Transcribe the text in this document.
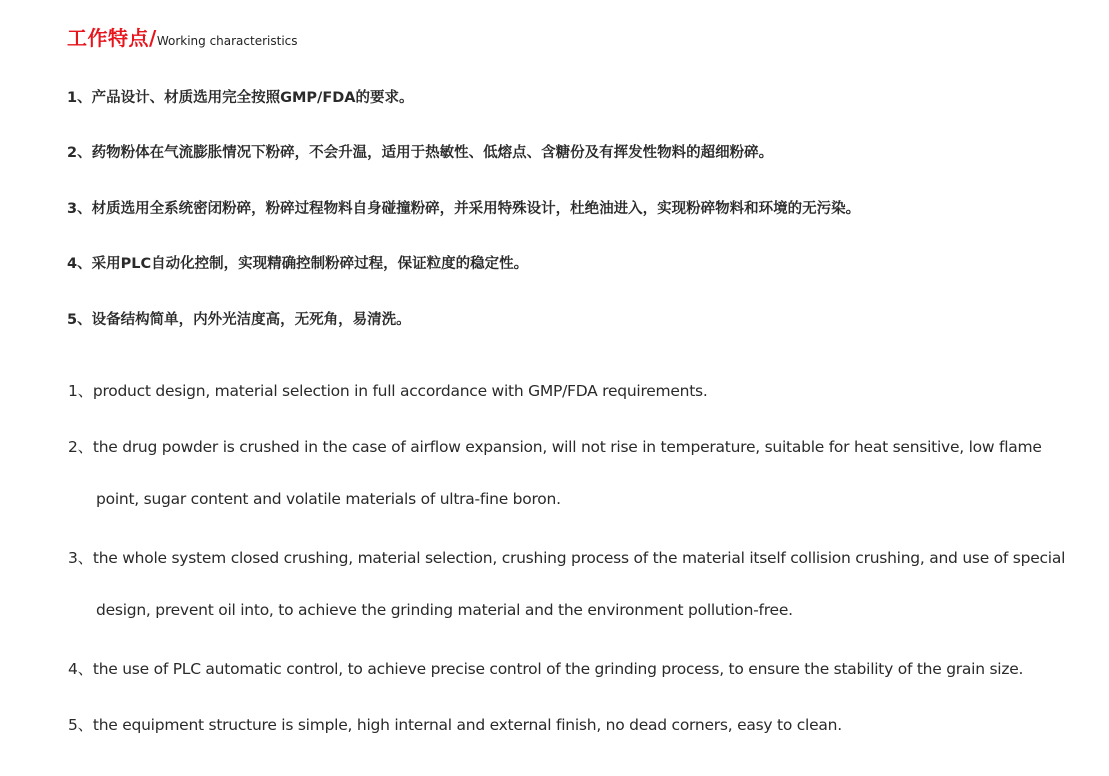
工作特点/Working characteristics
1、产品设计、材质选用完全按照GMP/FDA的要求。
2、药物粉体在气流膨胀情况下粉碎，不会升温，适用于热敏性、低熔点、含糖份及有挥发性物料的超细粉碎。
3、材质选用全系统密闭粉碎，粉碎过程物料自身碰撞粉碎，并采用特殊设计，杜绝油进入，实现粉碎物料和环境的无污染。
4、采用PLC自动化控制，实现精确控制粉碎过程，保证粒度的稳定性。
5、设备结构简单，内外光洁度高，无死角，易清洗。
1、product design, material selection in full accordance with GMP/FDA requirements.
2、the drug powder is crushed in the case of airflow expansion, will not rise in temperature, suitable for heat sensitive, low flame
point, sugar content and volatile materials of ultra-fine boron.
3、the whole system closed crushing, material selection, crushing process of the material itself collision crushing, and use of special
design, prevent oil into, to achieve the grinding material and the environment pollution-free.
4、the use of PLC automatic control, to achieve precise control of the grinding process, to ensure the stability of the grain size.
5、the equipment structure is simple, high internal and external finish, no dead corners, easy to clean.
